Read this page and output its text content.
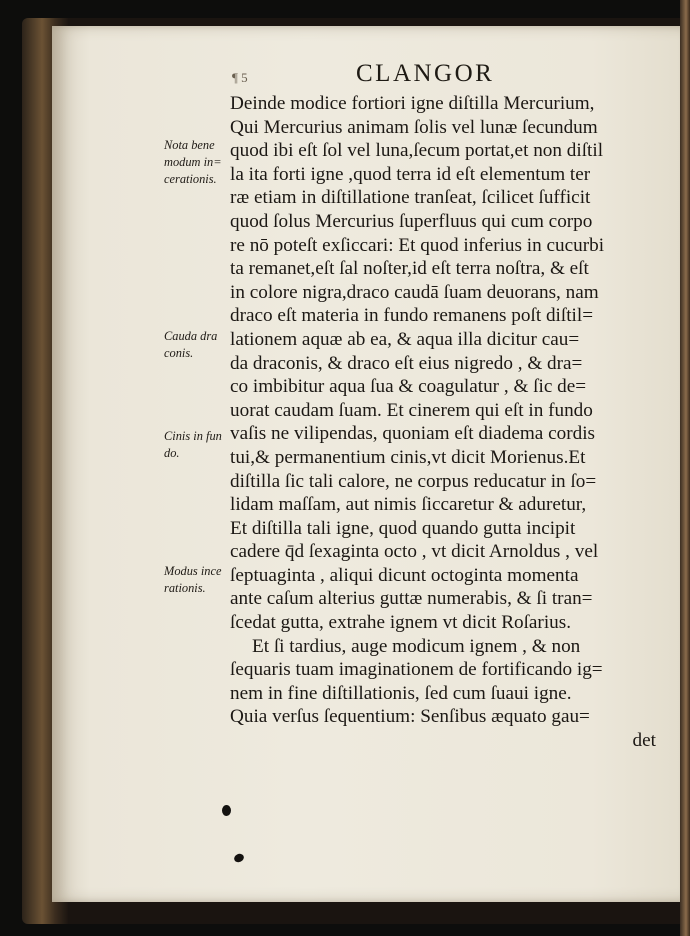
¶ 5	CLANGOR
Deinde modice fortiori igne diſtilla Mercurium,
Qui Mercurius animam ſolis vel lunæ ſecundum
quod ibi eſt ſol vel luna,ſecum portat,et non diſtil
la ita forti igne ,quod terra id eſt elementum ter
ræ etiam in diſtillatione tranſeat, ſcilicet ſufficit
quod ſolus Mercurius ſuperfluus qui cum corpo
re nō poteſt exſiccari: Et quod inferius in cucurbi
ta remanet,eſt ſal noſter,id eſt terra noſtra, & eſt
in colore nigra,draco caudā ſuam deuorans, nam
draco eſt materia in fundo remanens poſt diſtil=
lationem aquæ ab ea, & aqua illa dicitur cau=
da draconis, & draco eſt eius nigredo , & dra=
co imbibitur aqua ſua & coagulatur , & ſic de=
uorat caudam ſuam. Et cinerem qui eſt in fundo
vaſis ne vilipendas, quoniam eſt diadema cordis
tui,& permanentium cinis,vt dicit Morienus.Et
diſtilla ſic tali calore, ne corpus reducatur in ſo=
lidam maſſam, aut nimis ſiccaretur & aduretur,
Et diſtilla tali igne, quod quando gutta incipit
cadere q̄d ſexaginta octo , vt dicit Arnoldus , vel
ſeptuaginta , aliqui dicunt octoginta momenta
ante caſum alterius guttæ numerabis, & ſi tran=
ſcedat gutta, extrahe ignem vt dicit Roſarius.
Et ſi tardius, auge modicum ignem , & non
ſequaris tuam imaginationem de fortificando ig=
nem in fine diſtillationis, ſed cum ſuaui igne.
Quia verſus ſequentium: Senſibus æquato gau=
det
Nota bene
modum in=
cerationis.
Cauda dra
conis.
Cinis in fun
do.
Modus ince
rationis.
